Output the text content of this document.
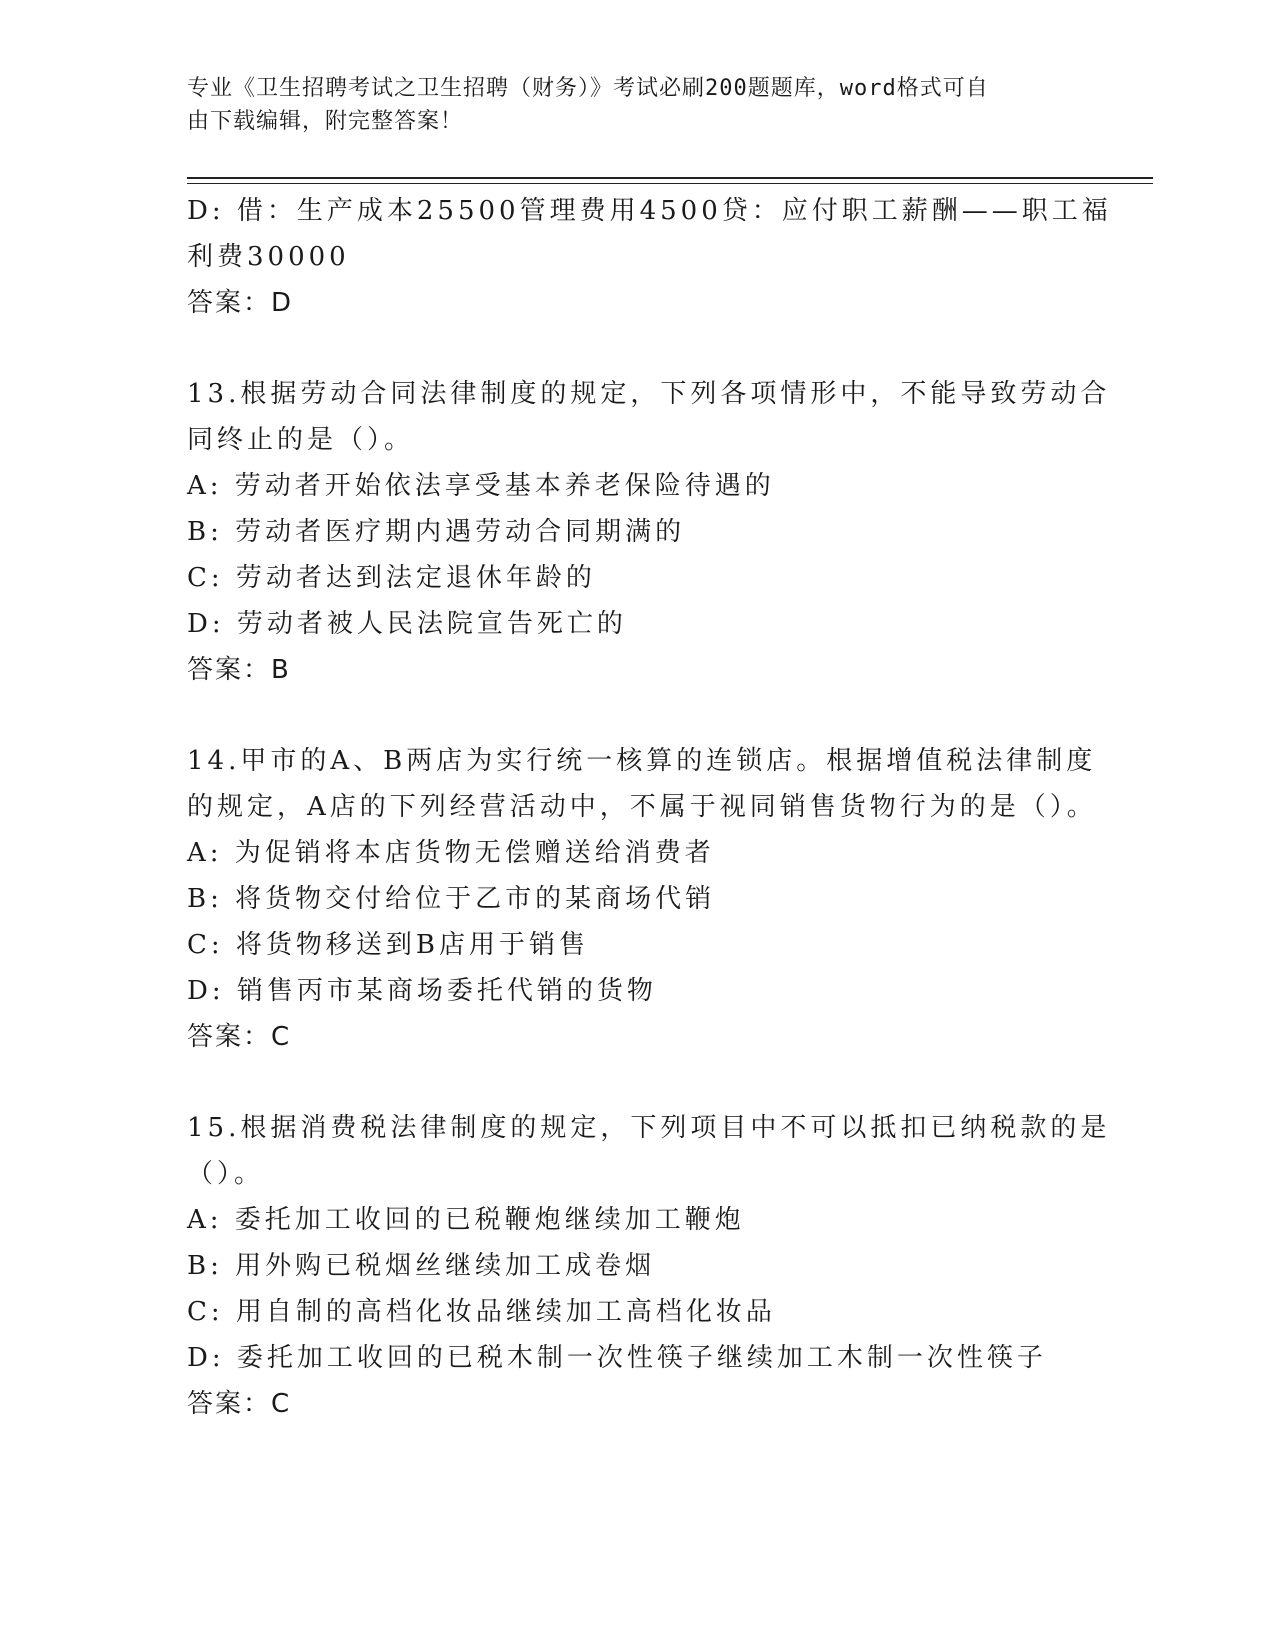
专业《卫生招聘考试之卫生招聘（财务）》考试必刷200题题库，word格式可自
由下载编辑，附完整答案！
D: 借：生产成本25500管理费用4500贷：应付职工薪酬——职工福
利费30000
答案：D
13.根据劳动合同法律制度的规定，下列各项情形中，不能导致劳动合
同终止的是（）。
A: 劳动者开始依法享受基本养老保险待遇的
B: 劳动者医疗期内遇劳动合同期满的
C: 劳动者达到法定退休年龄的
D: 劳动者被人民法院宣告死亡的
答案：B
14.甲市的A、B两店为实行统一核算的连锁店。根据增值税法律制度
的规定，A店的下列经营活动中，不属于视同销售货物行为的是（）。
A: 为促销将本店货物无偿赠送给消费者
B: 将货物交付给位于乙市的某商场代销
C: 将货物移送到B店用于销售
D: 销售丙市某商场委托代销的货物
答案：C
15.根据消费税法律制度的规定，下列项目中不可以抵扣已纳税款的是
（）。
A: 委托加工收回的已税鞭炮继续加工鞭炮
B: 用外购已税烟丝继续加工成卷烟
C: 用自制的高档化妆品继续加工高档化妆品
D: 委托加工收回的已税木制一次性筷子继续加工木制一次性筷子
答案：C
